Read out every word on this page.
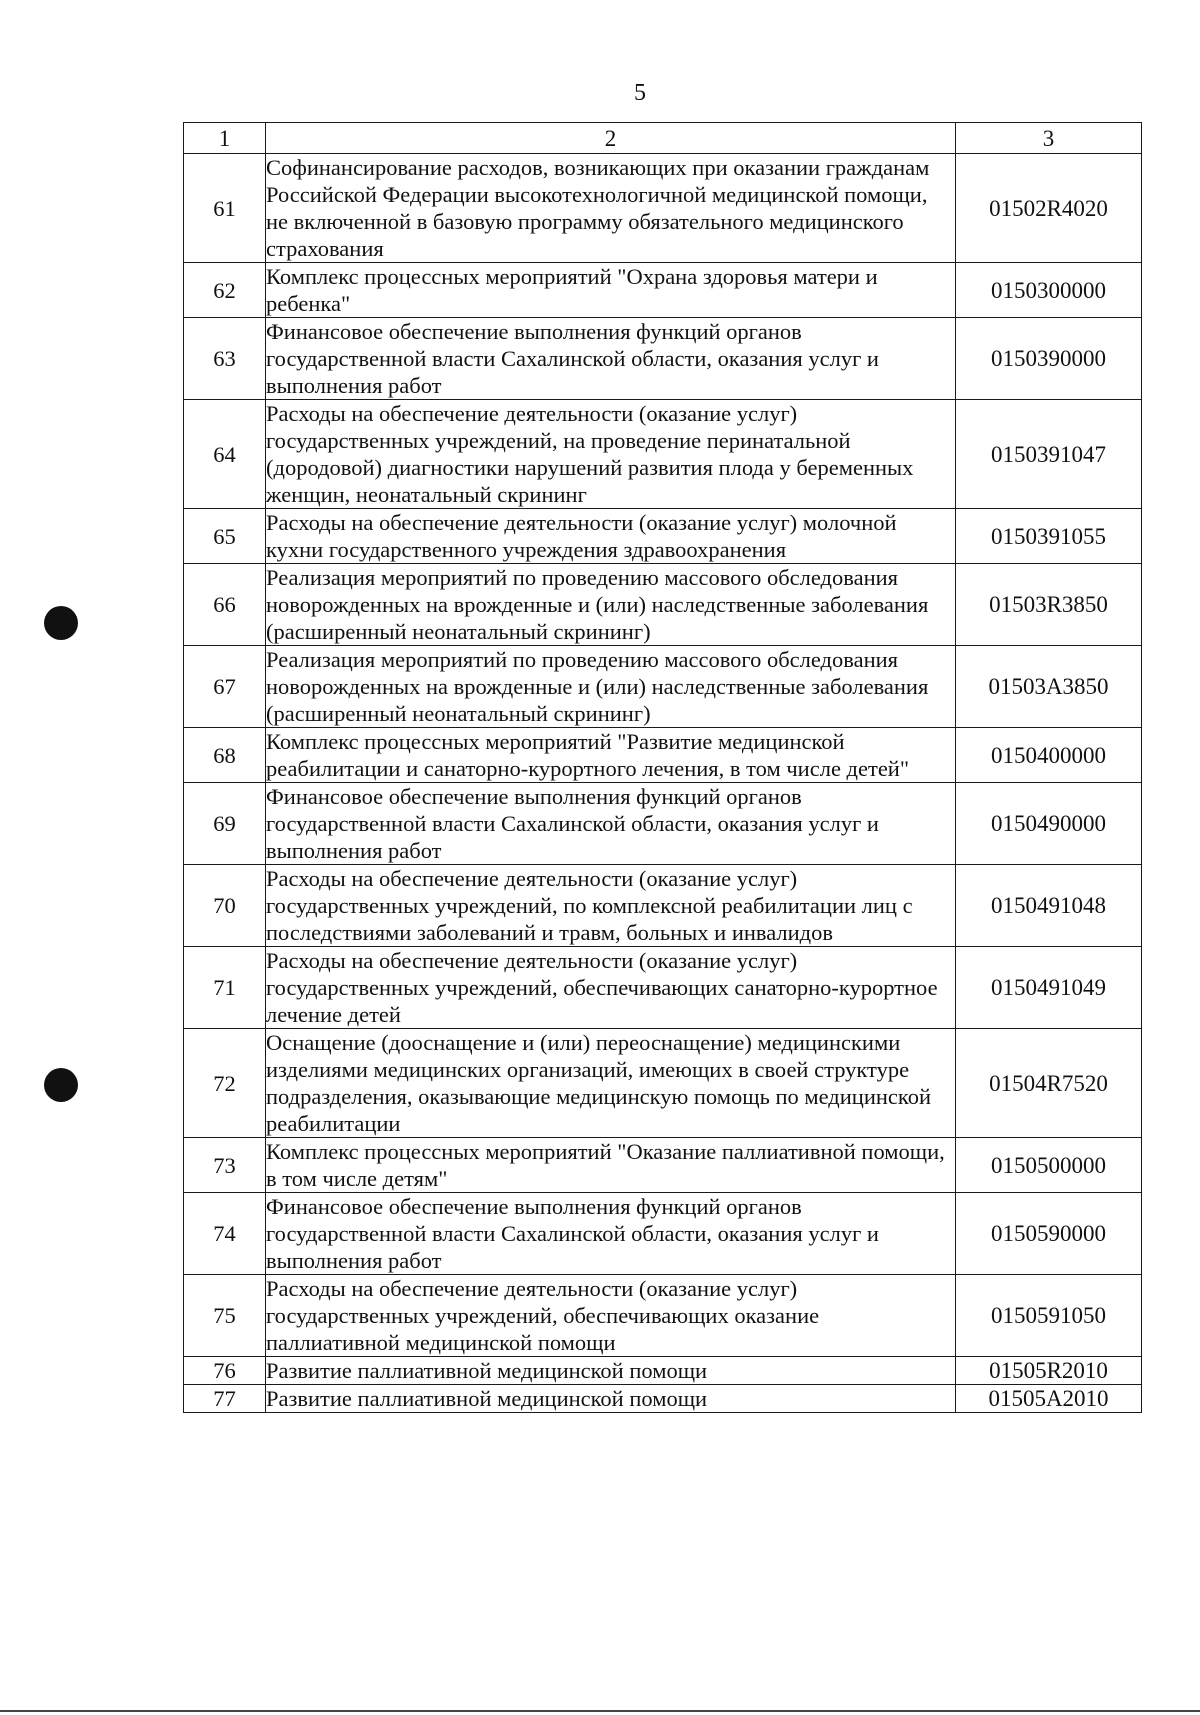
5
1	2	3
61	Софинансирование расходов, возникающих при оказании гражданам Российской Федерации высокотехнологичной медицинской помощи, не включенной в базовую программу обязательного медицинского страхования	01502R4020
62	Комплекс процессных мероприятий "Охрана здоровья матери и ребенка"	0150300000
63	Финансовое обеспечение выполнения функций органов государственной власти Сахалинской области, оказания услуг и выполнения работ	0150390000
64	Расходы на обеспечение деятельности (оказание услуг) государственных учреждений, на проведение перинатальной (дородовой) диагностики нарушений развития плода у беременных женщин, неонатальный скрининг	0150391047
65	Расходы на обеспечение деятельности (оказание услуг) молочной кухни государственного учреждения здравоохранения	0150391055
66	Реализация мероприятий по проведению массового обследования новорожденных на врожденные и (или) наследственные заболевания (расширенный неонатальный скрининг)	01503R3850
67	Реализация мероприятий по проведению массового обследования новорожденных на врожденные и (или) наследственные заболевания (расширенный неонатальный скрининг)	01503A3850
68	Комплекс процессных мероприятий "Развитие медицинской реабилитации и санаторно-курортного лечения, в том числе детей"	0150400000
69	Финансовое обеспечение выполнения функций органов государственной власти Сахалинской области, оказания услуг и выполнения работ	0150490000
70	Расходы на обеспечение деятельности (оказание услуг) государственных учреждений, по комплексной реабилитации лиц с последствиями заболеваний и травм, больных и инвалидов	0150491048
71	Расходы на обеспечение деятельности (оказание услуг) государственных учреждений, обеспечивающих санаторно-курортное лечение детей	0150491049
72	Оснащение (дооснащение и (или) переоснащение) медицинскими изделиями медицинских организаций, имеющих в своей структуре подразделения, оказывающие медицинскую помощь по медицинской реабилитации	01504R7520
73	Комплекс процессных мероприятий "Оказание паллиативной помощи, в том числе детям"	0150500000
74	Финансовое обеспечение выполнения функций органов государственной власти Сахалинской области, оказания услуг и выполнения работ	0150590000
75	Расходы на обеспечение деятельности (оказание услуг) государственных учреждений, обеспечивающих оказание паллиативной медицинской помощи	0150591050
76	Развитие паллиативной медицинской помощи	01505R2010
77	Развитие паллиативной медицинской помощи	01505A2010
